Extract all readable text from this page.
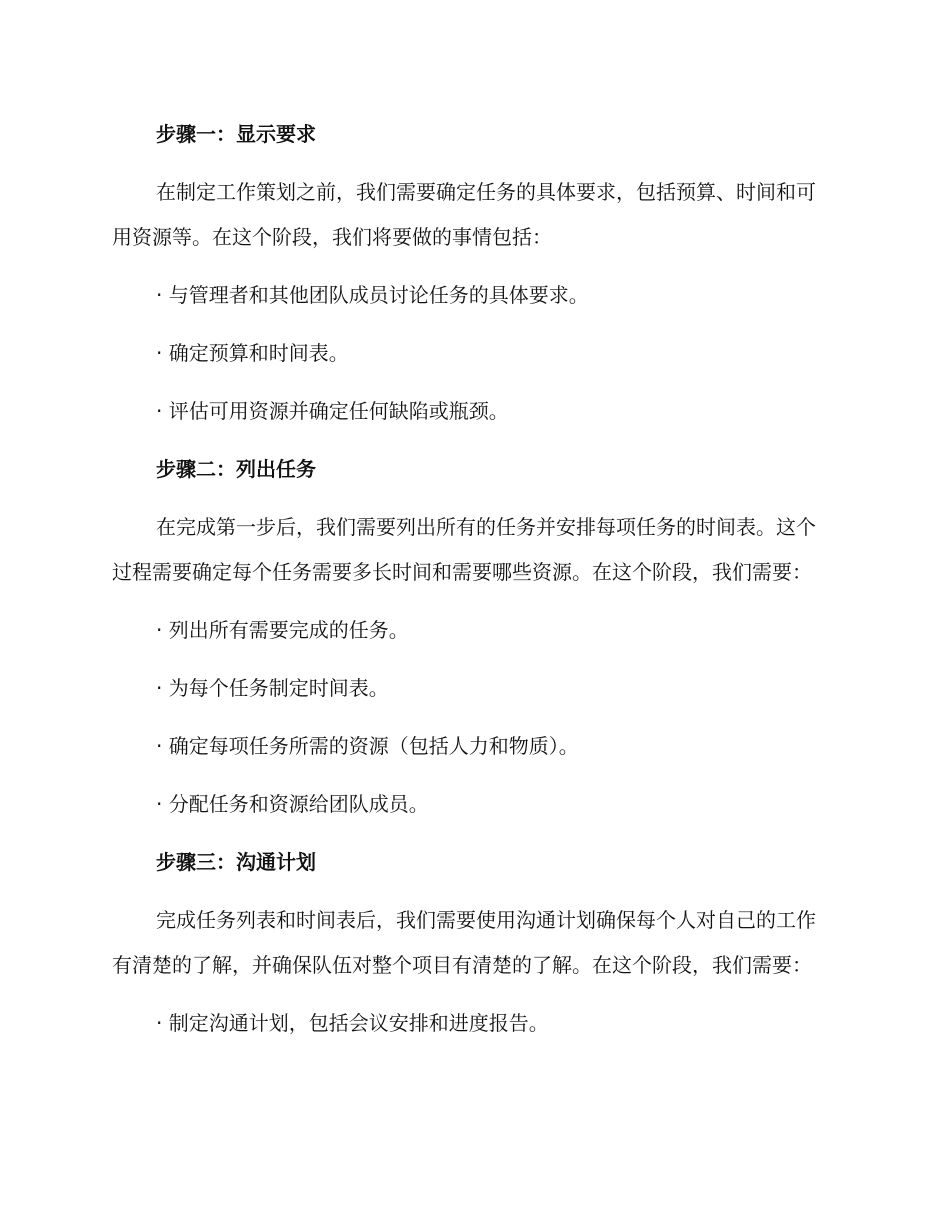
步骤一：显示要求

在制定工作策划之前，我们需要确定任务的具体要求，包括预算、时间和可用资源等。在这个阶段，我们将要做的事情包括：

· 与管理者和其他团队成员讨论任务的具体要求。

· 确定预算和时间表。

· 评估可用资源并确定任何缺陷或瓶颈。

步骤二：列出任务

在完成第一步后，我们需要列出所有的任务并安排每项任务的时间表。这个过程需要确定每个任务需要多长时间和需要哪些资源。在这个阶段，我们需要：

· 列出所有需要完成的任务。

· 为每个任务制定时间表。

· 确定每项任务所需的资源（包括人力和物质）。

· 分配任务和资源给团队成员。

步骤三：沟通计划

完成任务列表和时间表后，我们需要使用沟通计划确保每个人对自己的工作有清楚的了解，并确保队伍对整个项目有清楚的了解。在这个阶段，我们需要：

· 制定沟通计划，包括会议安排和进度报告。
